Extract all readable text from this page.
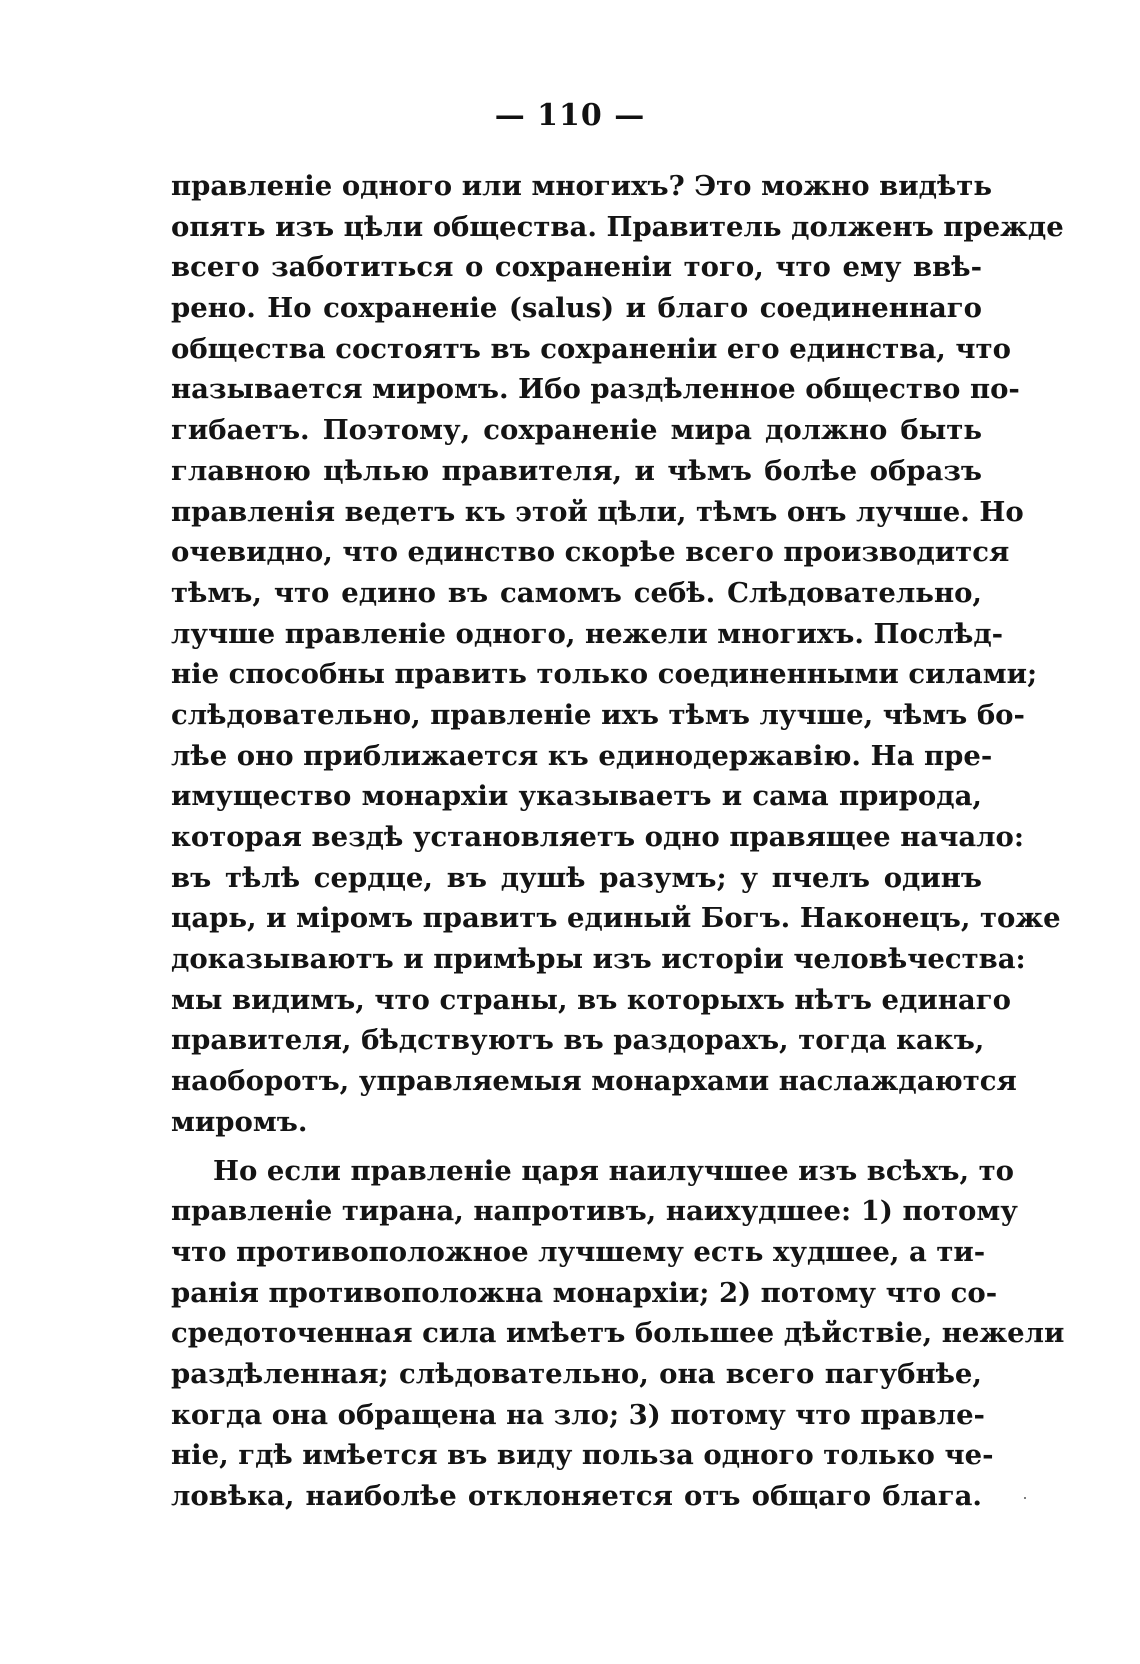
— 110 —
правленіе одного или многихъ? Это можно видѣть
опять изъ цѣли общества. Правитель долженъ прежде
всего заботиться о сохраненіи того, что ему ввѣ-
рено. Но сохраненіе (salus) и благо соединеннаго
общества состоятъ въ сохраненіи его единства, что
называется миромъ. Ибо раздѣленное общество по-
гибаетъ. Поэтому, сохраненіе мира должно быть
главною цѣлью правителя, и чѣмъ болѣе образъ
правленія ведетъ къ этой цѣли, тѣмъ онъ лучше. Но
очевидно, что единство скорѣе всего производится
тѣмъ, что едино въ самомъ себѣ. Слѣдовательно,
лучше правленіе одного, нежели многихъ. Послѣд-
ніе способны править только соединенными силами;
слѣдовательно, правленіе ихъ тѣмъ лучше, чѣмъ бо-
лѣе оно приближается къ единодержавію. На пре-
имущество монархіи указываетъ и сама природа,
которая вездѣ установляетъ одно правящее начало:
въ тѣлѣ сердце, въ душѣ разумъ; у пчелъ одинъ
царь, и міромъ правитъ единый Богъ. Наконецъ, тоже
доказываютъ и примѣры изъ исторіи человѣчества:
мы видимъ, что страны, въ которыхъ нѣтъ единаго
правителя, бѣдствуютъ въ раздорахъ, тогда какъ,
наоборотъ, управляемыя монархами наслаждаются
миромъ.
Но если правленіе царя наилучшее изъ всѣхъ, то
правленіе тирана, напротивъ, наихудшее: 1) потому
что противоположное лучшему есть худшее, а ти-
ранія противоположна монархіи; 2) потому что со-
средоточенная сила имѣетъ большее дѣйствіе, нежели
раздѣленная; слѣдовательно, она всего пагубнѣе,
когда она обращена на зло; 3) потому что правле-
ніе, гдѣ имѣется въ виду польза одного только че-
ловѣка, наиболѣе отклоняется отъ общаго блага.
